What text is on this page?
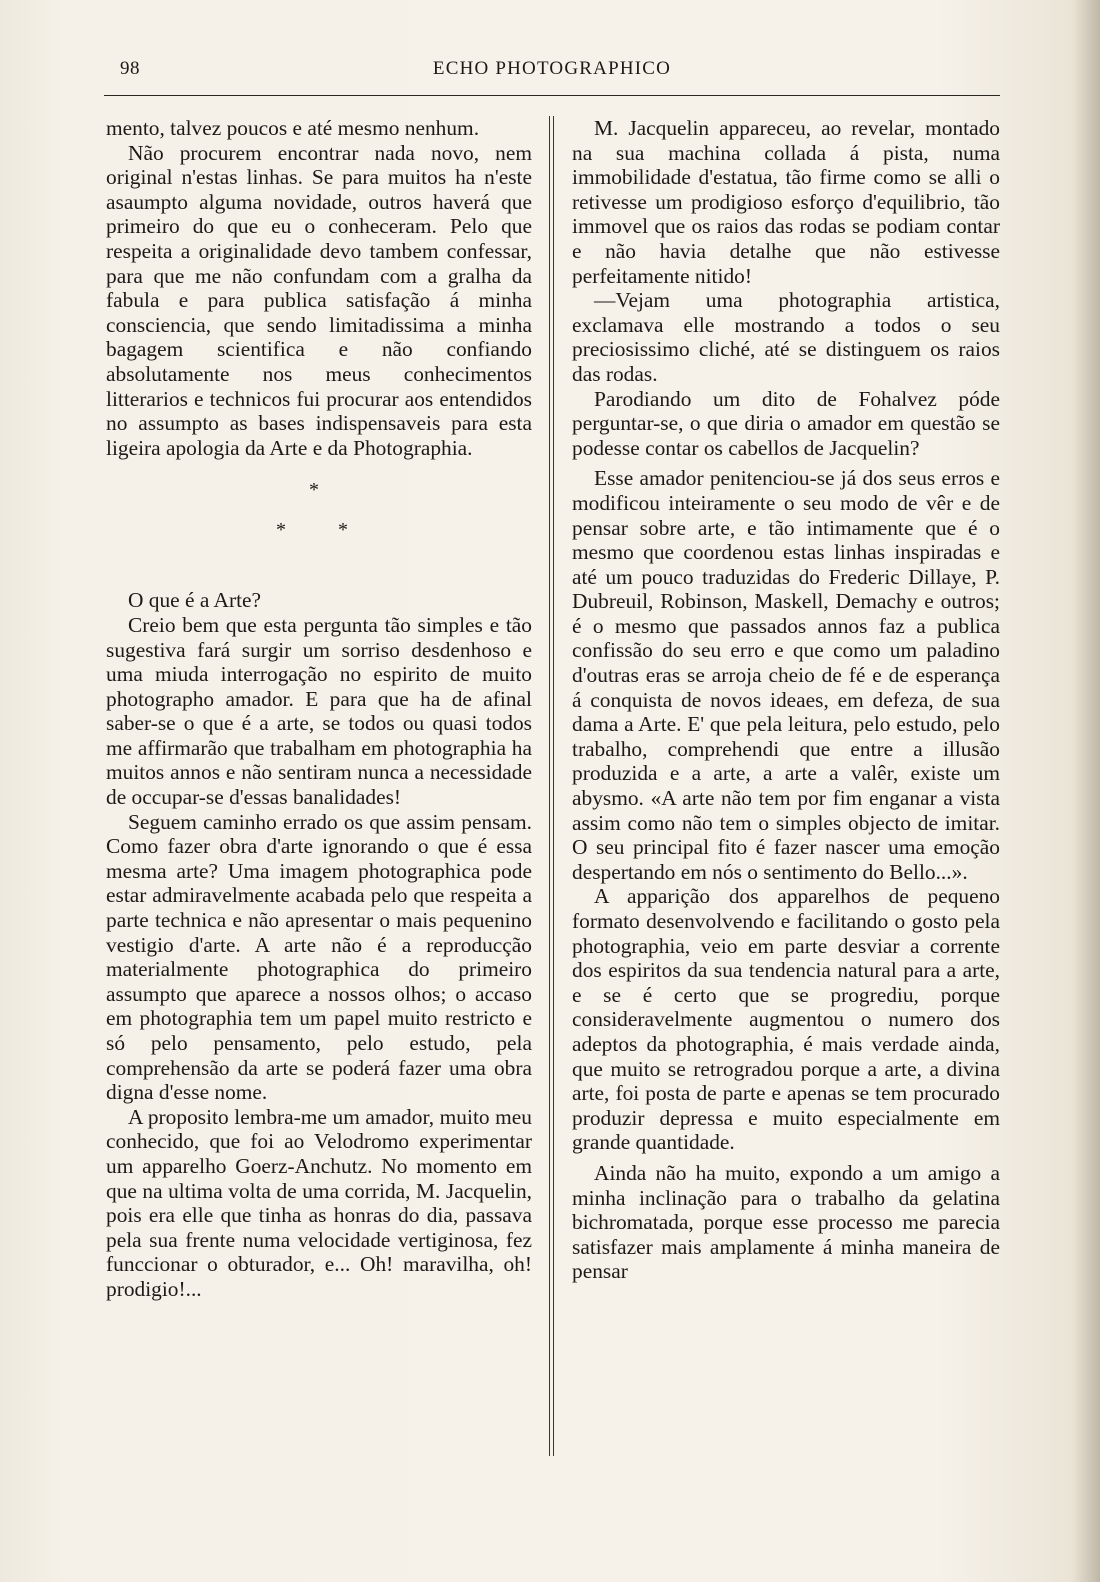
98	ECHO PHOTOGRAPHICO

mento, talvez poucos e até mesmo nenhum.

Não procurem encontrar nada novo, nem original n'estas linhas. Se para muitos ha n'este asaumpto alguma novidade, outros haverá que primeiro do que eu o conheceram. Pelo que respeita a originalidade devo tambem confessar, para que me não confundam com a gralha da fabula e para publica satisfação á minha consciencia, que sendo limitadissima a minha bagagem scientifica e não confiando absolutamente nos meus conhecimentos litterarios e technicos fui procurar aos entendidos no assumpto as bases indispensaveis para esta ligeira apologia da Arte e da Photographia.

*
*	*

O que é a Arte?

Creio bem que esta pergunta tão simples e tão sugestiva fará surgir um sorriso desdenhoso e uma miuda interrogação no espirito de muito photographo amador. E para que ha de afinal saber-se o que é a arte, se todos ou quasi todos me affirmarão que trabalham em photographia ha muitos annos e não sentiram nunca a necessidade de occupar-se d'essas banalidades!

Seguem caminho errado os que assim pensam. Como fazer obra d'arte ignorando o que é essa mesma arte? Uma imagem photographica pode estar admiravelmente acabada pelo que respeita a parte technica e não apresentar o mais pequenino vestigio d'arte. A arte não é a reproducção materialmente photographica do primeiro assumpto que aparece a nossos olhos; o accaso em photographia tem um papel muito restricto e só pelo pensamento, pelo estudo, pela comprehensão da arte se poderá fazer uma obra digna d'esse nome.

A proposito lembra-me um amador, muito meu conhecido, que foi ao Velodromo experimentar um apparelho Goerz-Anchutz. No momento em que na ultima volta de uma corrida, M. Jacquelin, pois era elle que tinha as honras do dia, passava pela sua frente numa velocidade vertiginosa, fez funccionar o obturador, e... Oh! maravilha, oh! prodigio!...

M. Jacquelin appareceu, ao revelar, montado na sua machina collada á pista, numa immobilidade d'estatua, tão firme como se alli o retivesse um prodigioso esforço d'equilibrio, tão immovel que os raios das rodas se podiam contar e não havia detalhe que não estivesse perfeitamente nitido!

—Vejam uma photographia artistica, exclamava elle mostrando a todos o seu preciosissimo cliché, até se distinguem os raios das rodas.

Parodiando um dito de Fohalvez póde perguntar-se, o que diria o amador em questão se podesse contar os cabellos de Jacquelin?

Esse amador penitenciou-se já dos seus erros e modificou inteiramente o seu modo de vêr e de pensar sobre arte, e tão intimamente que é o mesmo que coordenou estas linhas inspiradas e até um pouco traduzidas do Frederic Dillaye, P. Dubreuil, Robinson, Maskell, Demachy e outros; é o mesmo que passados annos faz a publica confissão do seu erro e que como um paladino d'outras eras se arroja cheio de fé e de esperança á conquista de novos ideaes, em defeza, de sua dama a Arte. E' que pela leitura, pelo estudo, pelo trabalho, comprehendi que entre a illusão produzida e a arte, a arte a valêr, existe um abysmo. «A arte não tem por fim enganar a vista assim como não tem o simples objecto de imitar. O seu principal fito é fazer nascer uma emoção despertando em nós o sentimento do Bello...».

A apparição dos apparelhos de pequeno formato desenvolvendo e facilitando o gosto pela photographia, veio em parte desviar a corrente dos espiritos da sua tendencia natural para a arte, e se é certo que se progrediu, porque consideravelmente augmentou o numero dos adeptos da photographia, é mais verdade ainda, que muito se retrogradou porque a arte, a divina arte, foi posta de parte e apenas se tem procurado produzir depressa e muito especialmente em grande quantidade.

Ainda não ha muito, expondo a um amigo a minha inclinação para o trabalho da gelatina bichromatada, porque esse processo me parecia satisfazer mais amplamente á minha maneira de pensar
